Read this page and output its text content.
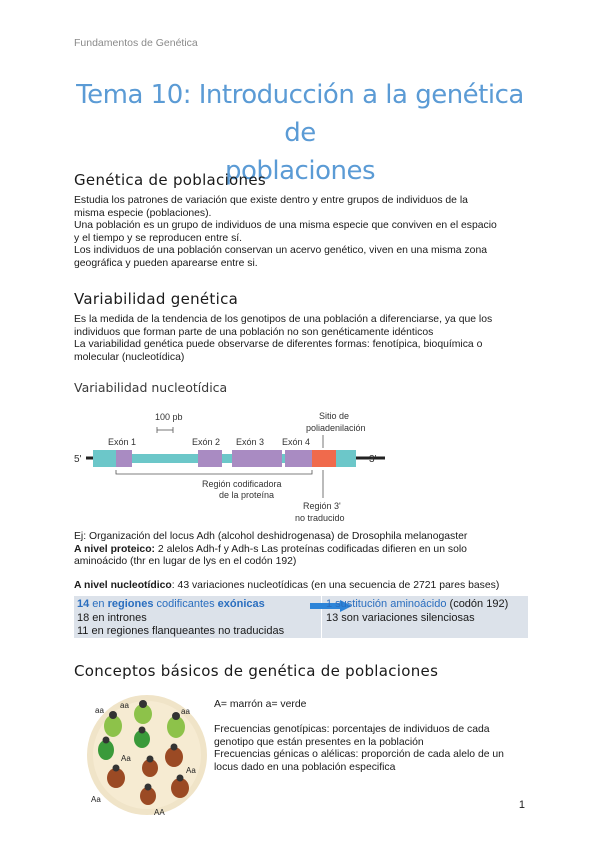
Fundamentos de Genética
Tema 10: Introducción a la genética de
poblaciones
Genética de poblaciones
Estudia los patrones de variación que existe dentro y entre grupos de individuos de la
misma especie (poblaciones).
Una población es un grupo de individuos de una misma especie que conviven en el espacio
y el tiempo y se reproducen entre sí.
Los individuos de una población conservan un acervo genético, viven en una misma zona
geográfica y pueden aparearse entre si.
Variabilidad genética
Es la medida de la tendencia de los genotipos de una población a diferenciarse, ya que los
individuos que forman parte de una población no son genéticamente idénticos
La variabilidad genética puede observarse de diferentes formas: fenotípica, bioquímica o
molecular (nucleotídica)
Variabilidad nucleotídica
100 pb
Exón 1	Exón 2 Exón 3 Exón 4
Sitio de
poliadenilación
5'	3'
Región codificadora
de la proteína
Región 3'
no traducido
Ej: Organización del locus Adh (alcohol deshidrogenasa) de Drosophila melanogaster
A nivel proteico: 2 alelos Adh-f y Adh-s Las proteínas codificadas difieren en un solo
aminoácido (thr en lugar de lys en el codón 192)
A nivel nucleotídico: 43 variaciones nucleotídicas (en una secuencia de 2721 pares bases)
14 en regiones codificantes exónicas
18 en intrones
11 en regiones flanqueantes no traducidas
1 sustitución aminoácido (codón 192)
13 son variaciones silenciosas
Conceptos básicos de genética de poblaciones
aa
aa
aa
Aa
Aa
Aa
AA
A= marrón a= verde
Frecuencias genotípicas: porcentajes de individuos de cada
genotipo que están presentes en la población
Frecuencias génicas o alélicas: proporción de cada alelo de un
locus dado en una población especifica
1
